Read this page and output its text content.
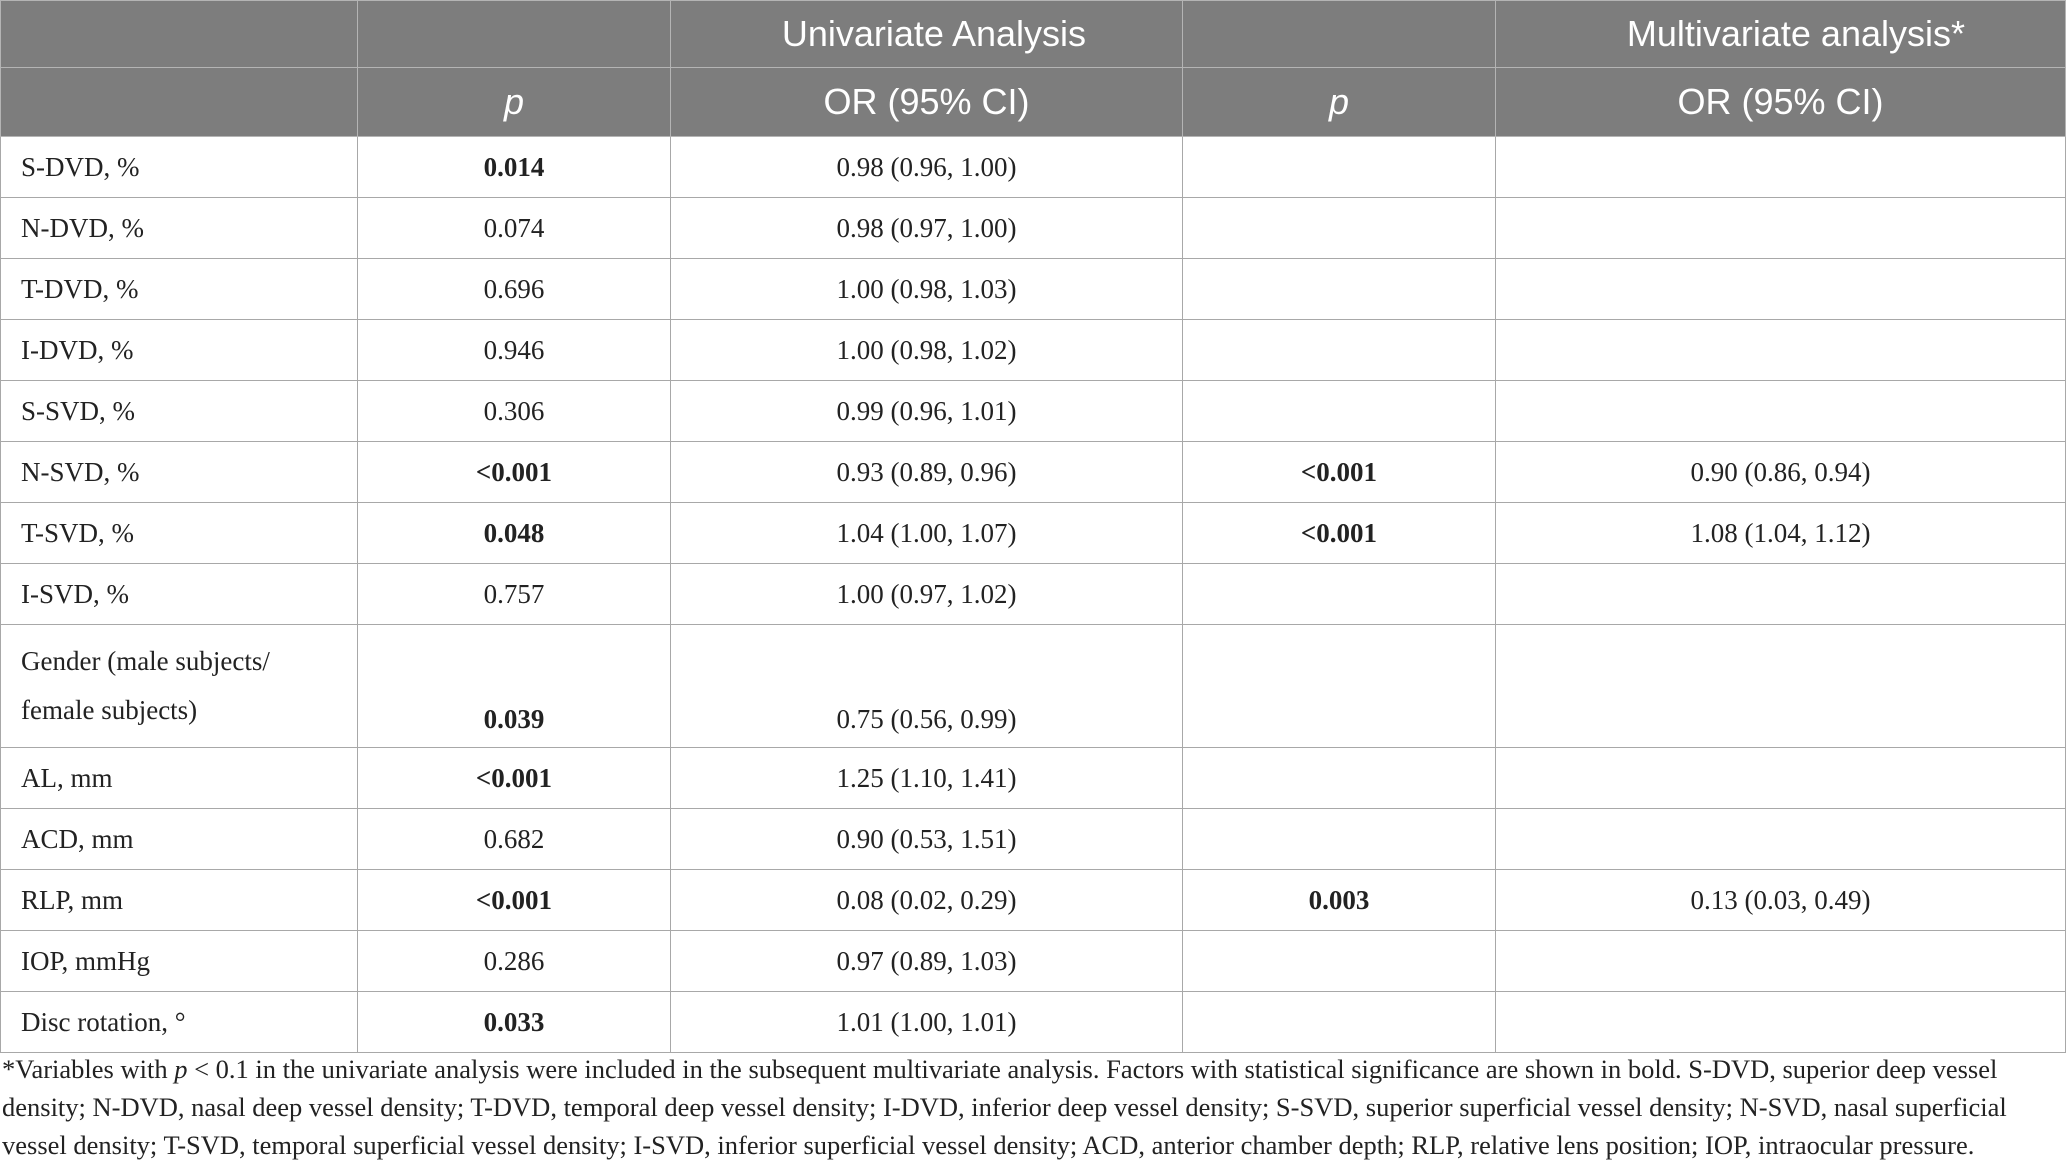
		Univariate Analysis		Multivariate analysis*
	p	OR (95% CI)	p	OR (95% CI)
S-DVD, %	0.014	0.98 (0.96, 1.00)		
N-DVD, %	0.074	0.98 (0.97, 1.00)		
T-DVD, %	0.696	1.00 (0.98, 1.03)		
I-DVD, %	0.946	1.00 (0.98, 1.02)		
S-SVD, %	0.306	0.99 (0.96, 1.01)		
N-SVD, %	<0.001	0.93 (0.89, 0.96)	<0.001	0.90 (0.86, 0.94)
T-SVD, %	0.048	1.04 (1.00, 1.07)	<0.001	1.08 (1.04, 1.12)
I-SVD, %	0.757	1.00 (0.97, 1.02)		
Gender (male subjects/
female subjects)	0.039	0.75 (0.56, 0.99)		
AL, mm	<0.001	1.25 (1.10, 1.41)		
ACD, mm	0.682	0.90 (0.53, 1.51)		
RLP, mm	<0.001	0.08 (0.02, 0.29)	0.003	0.13 (0.03, 0.49)
IOP, mmHg	0.286	0.97 (0.89, 1.03)		
Disc rotation, °	0.033	1.01 (1.00, 1.01)		
*Variables with p < 0.1 in the univariate analysis were included in the subsequent multivariate analysis. Factors with statistical significance are shown in bold. S-DVD, superior deep vessel density; N-DVD, nasal deep vessel density; T-DVD, temporal deep vessel density; I-DVD, inferior deep vessel density; S-SVD, superior superficial vessel density; N-SVD, nasal superficial vessel density; T-SVD, temporal superficial vessel density; I-SVD, inferior superficial vessel density; ACD, anterior chamber depth; RLP, relative lens position; IOP, intraocular pressure.
